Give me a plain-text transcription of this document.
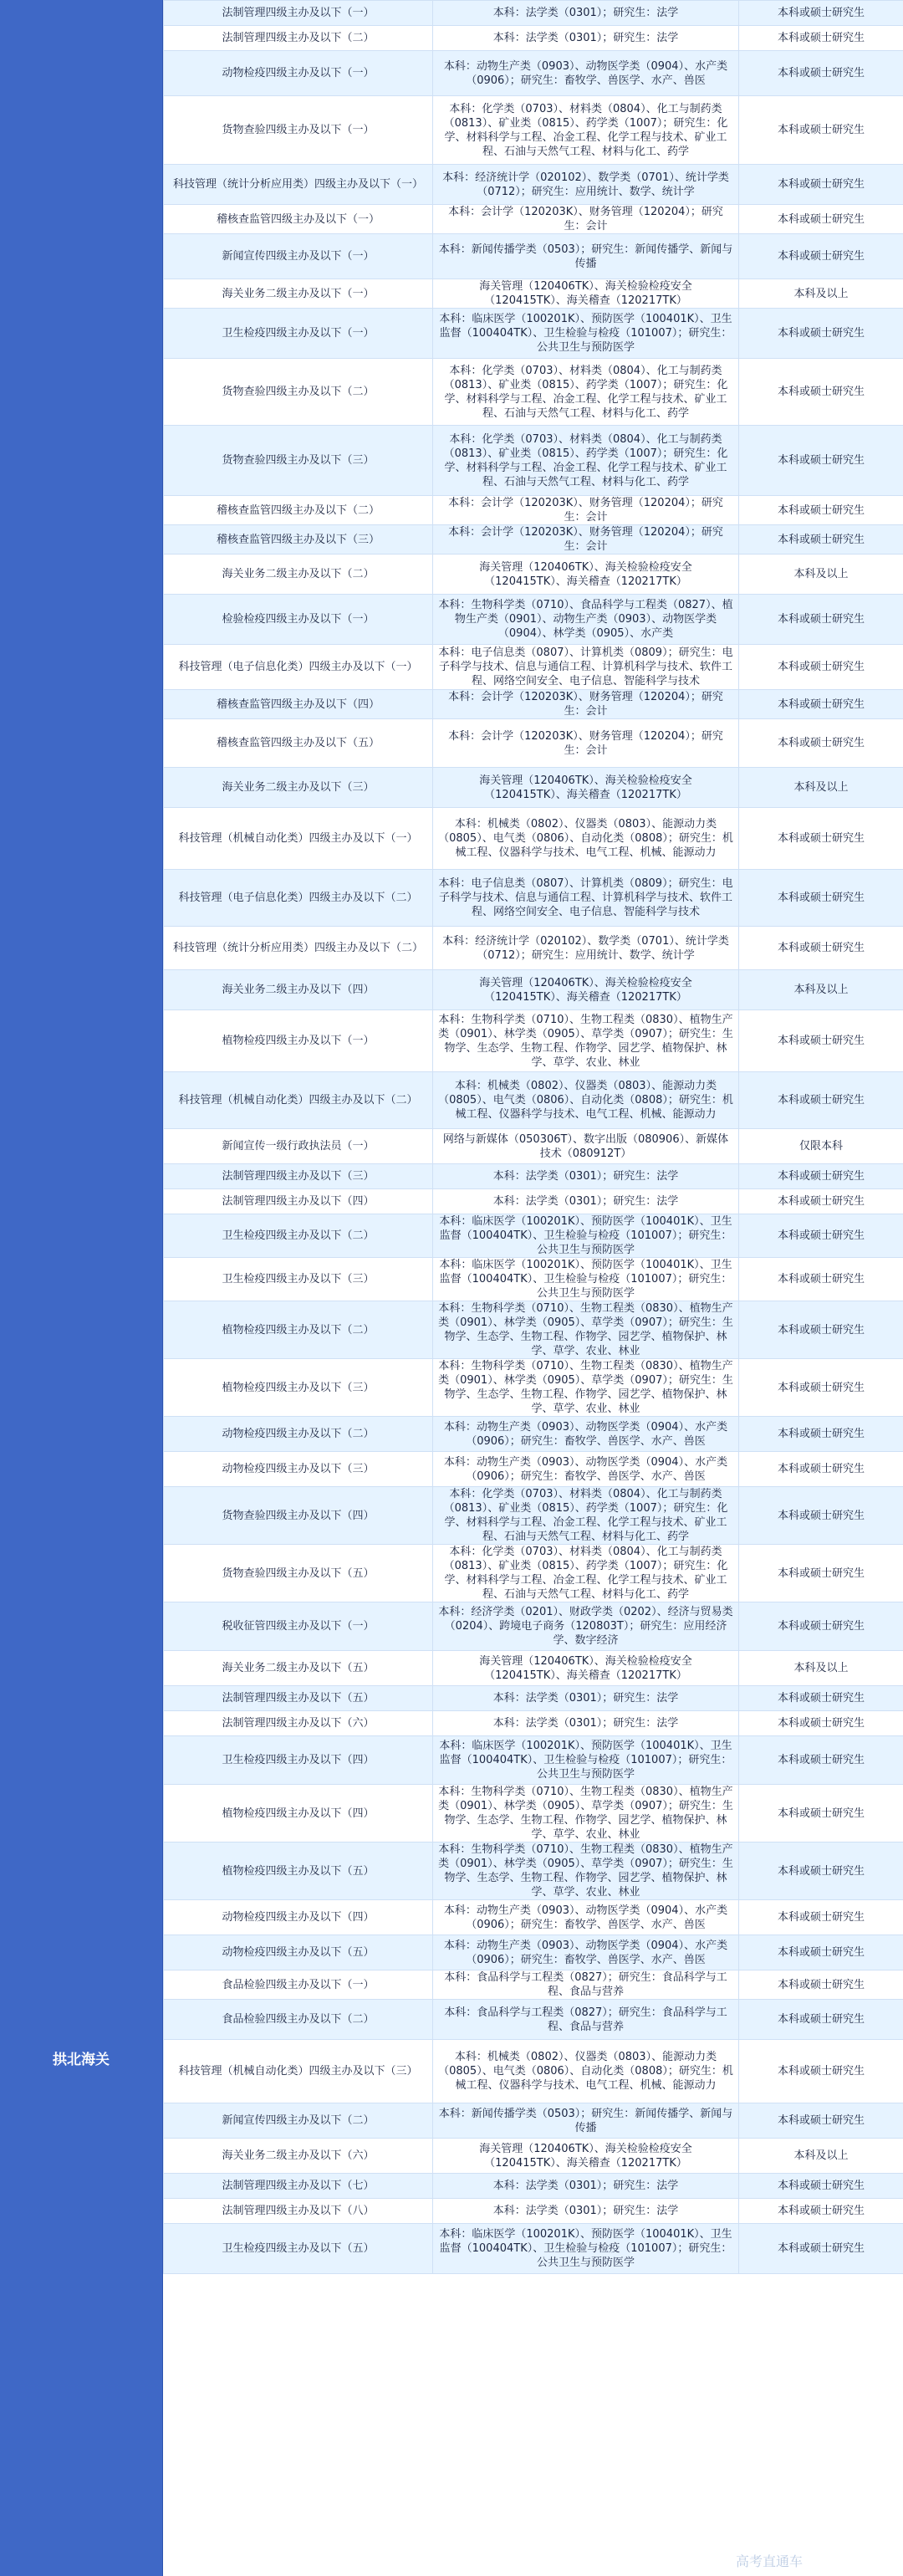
拱北海关
法制管理四级主办及以下（一）	本科：法学类（0301）；研究生：法学	本科或硕士研究生
法制管理四级主办及以下（二）	本科：法学类（0301）；研究生：法学	本科或硕士研究生
动物检疫四级主办及以下（一）	本科：动物生产类（0903）、动物医学类（0904）、水产类（0906）；研究生：畜牧学、兽医学、水产、兽医	本科或硕士研究生
货物查验四级主办及以下（一）	本科：化学类（0703）、材料类（0804）、化工与制药类（0813）、矿业类（0815）、药学类（1007）；研究生：化学、材料科学与工程、冶金工程、化学工程与技术、矿业工程、石油与天然气工程、材料与化工、药学	本科或硕士研究生
科技管理（统计分析应用类）四级主办及以下（一）	本科：经济统计学（020102）、数学类（0701）、统计学类（0712）；研究生：应用统计、数学、统计学	本科或硕士研究生
稽核查监管四级主办及以下（一）	本科：会计学（120203K）、财务管理（120204）；研究生：会计	本科或硕士研究生
新闻宣传四级主办及以下（一）	本科：新闻传播学类（0503）；研究生：新闻传播学、新闻与传播	本科或硕士研究生
海关业务二级主办及以下（一）	海关管理（120406TK）、海关检验检疫安全（120415TK）、海关稽查（120217TK）	本科及以上
卫生检疫四级主办及以下（一）	本科：临床医学（100201K）、预防医学（100401K）、卫生监督（100404TK）、卫生检验与检疫（101007）；研究生：公共卫生与预防医学	本科或硕士研究生
货物查验四级主办及以下（二）	本科：化学类（0703）、材料类（0804）、化工与制药类（0813）、矿业类（0815）、药学类（1007）；研究生：化学、材料科学与工程、冶金工程、化学工程与技术、矿业工程、石油与天然气工程、材料与化工、药学	本科或硕士研究生
货物查验四级主办及以下（三）	本科：化学类（0703）、材料类（0804）、化工与制药类（0813）、矿业类（0815）、药学类（1007）；研究生：化学、材料科学与工程、冶金工程、化学工程与技术、矿业工程、石油与天然气工程、材料与化工、药学	本科或硕士研究生
稽核查监管四级主办及以下（二）	本科：会计学（120203K）、财务管理（120204）；研究生：会计	本科或硕士研究生
稽核查监管四级主办及以下（三）	本科：会计学（120203K）、财务管理（120204）；研究生：会计	本科或硕士研究生
海关业务二级主办及以下（二）	海关管理（120406TK）、海关检验检疫安全（120415TK）、海关稽查（120217TK）	本科及以上
检验检疫四级主办及以下（一）	本科：生物科学类（0710）、食品科学与工程类（0827）、植物生产类（0901）、动物生产类（0903）、动物医学类（0904）、林学类（0905）、水产类	本科或硕士研究生
科技管理（电子信息化类）四级主办及以下（一）	本科：电子信息类（0807）、计算机类（0809）；研究生：电子科学与技术、信息与通信工程、计算机科学与技术、软件工程、网络空间安全、电子信息、智能科学与技术	本科或硕士研究生
稽核查监管四级主办及以下（四）	本科：会计学（120203K）、财务管理（120204）；研究生：会计	本科或硕士研究生
稽核查监管四级主办及以下（五）	本科：会计学（120203K）、财务管理（120204）；研究生：会计	本科或硕士研究生
海关业务二级主办及以下（三）	海关管理（120406TK）、海关检验检疫安全（120415TK）、海关稽查（120217TK）	本科及以上
科技管理（机械自动化类）四级主办及以下（一）	本科：机械类（0802）、仪器类（0803）、能源动力类（0805）、电气类（0806）、自动化类（0808）；研究生：机械工程、仪器科学与技术、电气工程、机械、能源动力	本科或硕士研究生
科技管理（电子信息化类）四级主办及以下（二）	本科：电子信息类（0807）、计算机类（0809）；研究生：电子科学与技术、信息与通信工程、计算机科学与技术、软件工程、网络空间安全、电子信息、智能科学与技术	本科或硕士研究生
科技管理（统计分析应用类）四级主办及以下（二）	本科：经济统计学（020102）、数学类（0701）、统计学类（0712）；研究生：应用统计、数学、统计学	本科或硕士研究生
海关业务二级主办及以下（四）	海关管理（120406TK）、海关检验检疫安全（120415TK）、海关稽查（120217TK）	本科及以上
植物检疫四级主办及以下（一）	本科：生物科学类（0710）、生物工程类（0830）、植物生产类（0901）、林学类（0905）、草学类（0907）；研究生：生物学、生态学、生物工程、作物学、园艺学、植物保护、林学、草学、农业、林业	本科或硕士研究生
科技管理（机械自动化类）四级主办及以下（二）	本科：机械类（0802）、仪器类（0803）、能源动力类（0805）、电气类（0806）、自动化类（0808）；研究生：机械工程、仪器科学与技术、电气工程、机械、能源动力	本科或硕士研究生
新闻宣传一级行政执法员（一）	网络与新媒体（050306T）、数字出版（080906）、新媒体技术（080912T）	仅限本科
法制管理四级主办及以下（三）	本科：法学类（0301）；研究生：法学	本科或硕士研究生
法制管理四级主办及以下（四）	本科：法学类（0301）；研究生：法学	本科或硕士研究生
卫生检疫四级主办及以下（二）	本科：临床医学（100201K）、预防医学（100401K）、卫生监督（100404TK）、卫生检验与检疫（101007）；研究生：公共卫生与预防医学	本科或硕士研究生
卫生检疫四级主办及以下（三）	本科：临床医学（100201K）、预防医学（100401K）、卫生监督（100404TK）、卫生检验与检疫（101007）；研究生：公共卫生与预防医学	本科或硕士研究生
植物检疫四级主办及以下（二）	本科：生物科学类（0710）、生物工程类（0830）、植物生产类（0901）、林学类（0905）、草学类（0907）；研究生：生物学、生态学、生物工程、作物学、园艺学、植物保护、林学、草学、农业、林业	本科或硕士研究生
植物检疫四级主办及以下（三）	本科：生物科学类（0710）、生物工程类（0830）、植物生产类（0901）、林学类（0905）、草学类（0907）；研究生：生物学、生态学、生物工程、作物学、园艺学、植物保护、林学、草学、农业、林业	本科或硕士研究生
动物检疫四级主办及以下（二）	本科：动物生产类（0903）、动物医学类（0904）、水产类（0906）；研究生：畜牧学、兽医学、水产、兽医	本科或硕士研究生
动物检疫四级主办及以下（三）	本科：动物生产类（0903）、动物医学类（0904）、水产类（0906）；研究生：畜牧学、兽医学、水产、兽医	本科或硕士研究生
货物查验四级主办及以下（四）	本科：化学类（0703）、材料类（0804）、化工与制药类（0813）、矿业类（0815）、药学类（1007）；研究生：化学、材料科学与工程、冶金工程、化学工程与技术、矿业工程、石油与天然气工程、材料与化工、药学	本科或硕士研究生
货物查验四级主办及以下（五）	本科：化学类（0703）、材料类（0804）、化工与制药类（0813）、矿业类（0815）、药学类（1007）；研究生：化学、材料科学与工程、冶金工程、化学工程与技术、矿业工程、石油与天然气工程、材料与化工、药学	本科或硕士研究生
税收征管四级主办及以下（一）	本科：经济学类（0201）、财政学类（0202）、经济与贸易类（0204）、跨境电子商务（120803T）；研究生：应用经济学、数字经济	本科或硕士研究生
海关业务二级主办及以下（五）	海关管理（120406TK）、海关检验检疫安全（120415TK）、海关稽查（120217TK）	本科及以上
法制管理四级主办及以下（五）	本科：法学类（0301）；研究生：法学	本科或硕士研究生
法制管理四级主办及以下（六）	本科：法学类（0301）；研究生：法学	本科或硕士研究生
卫生检疫四级主办及以下（四）	本科：临床医学（100201K）、预防医学（100401K）、卫生监督（100404TK）、卫生检验与检疫（101007）；研究生：公共卫生与预防医学	本科或硕士研究生
植物检疫四级主办及以下（四）	本科：生物科学类（0710）、生物工程类（0830）、植物生产类（0901）、林学类（0905）、草学类（0907）；研究生：生物学、生态学、生物工程、作物学、园艺学、植物保护、林学、草学、农业、林业	本科或硕士研究生
植物检疫四级主办及以下（五）	本科：生物科学类（0710）、生物工程类（0830）、植物生产类（0901）、林学类（0905）、草学类（0907）；研究生：生物学、生态学、生物工程、作物学、园艺学、植物保护、林学、草学、农业、林业	本科或硕士研究生
动物检疫四级主办及以下（四）	本科：动物生产类（0903）、动物医学类（0904）、水产类（0906）；研究生：畜牧学、兽医学、水产、兽医	本科或硕士研究生
动物检疫四级主办及以下（五）	本科：动物生产类（0903）、动物医学类（0904）、水产类（0906）；研究生：畜牧学、兽医学、水产、兽医	本科或硕士研究生
食品检验四级主办及以下（一）	本科：食品科学与工程类（0827）；研究生：食品科学与工程、食品与营养	本科或硕士研究生
食品检验四级主办及以下（二）	本科：食品科学与工程类（0827）；研究生：食品科学与工程、食品与营养	本科或硕士研究生
科技管理（机械自动化类）四级主办及以下（三）	本科：机械类（0802）、仪器类（0803）、能源动力类（0805）、电气类（0806）、自动化类（0808）；研究生：机械工程、仪器科学与技术、电气工程、机械、能源动力	本科或硕士研究生
新闻宣传四级主办及以下（二）	本科：新闻传播学类（0503）；研究生：新闻传播学、新闻与传播	本科或硕士研究生
海关业务二级主办及以下（六）	海关管理（120406TK）、海关检验检疫安全（120415TK）、海关稽查（120217TK）	本科及以上
法制管理四级主办及以下（七）	本科：法学类（0301）；研究生：法学	本科或硕士研究生
法制管理四级主办及以下（八）	本科：法学类（0301）；研究生：法学	本科或硕士研究生
卫生检疫四级主办及以下（五）	本科：临床医学（100201K）、预防医学（100401K）、卫生监督（100404TK）、卫生检验与检疫（101007）；研究生：公共卫生与预防医学	本科或硕士研究生
高考直通车
